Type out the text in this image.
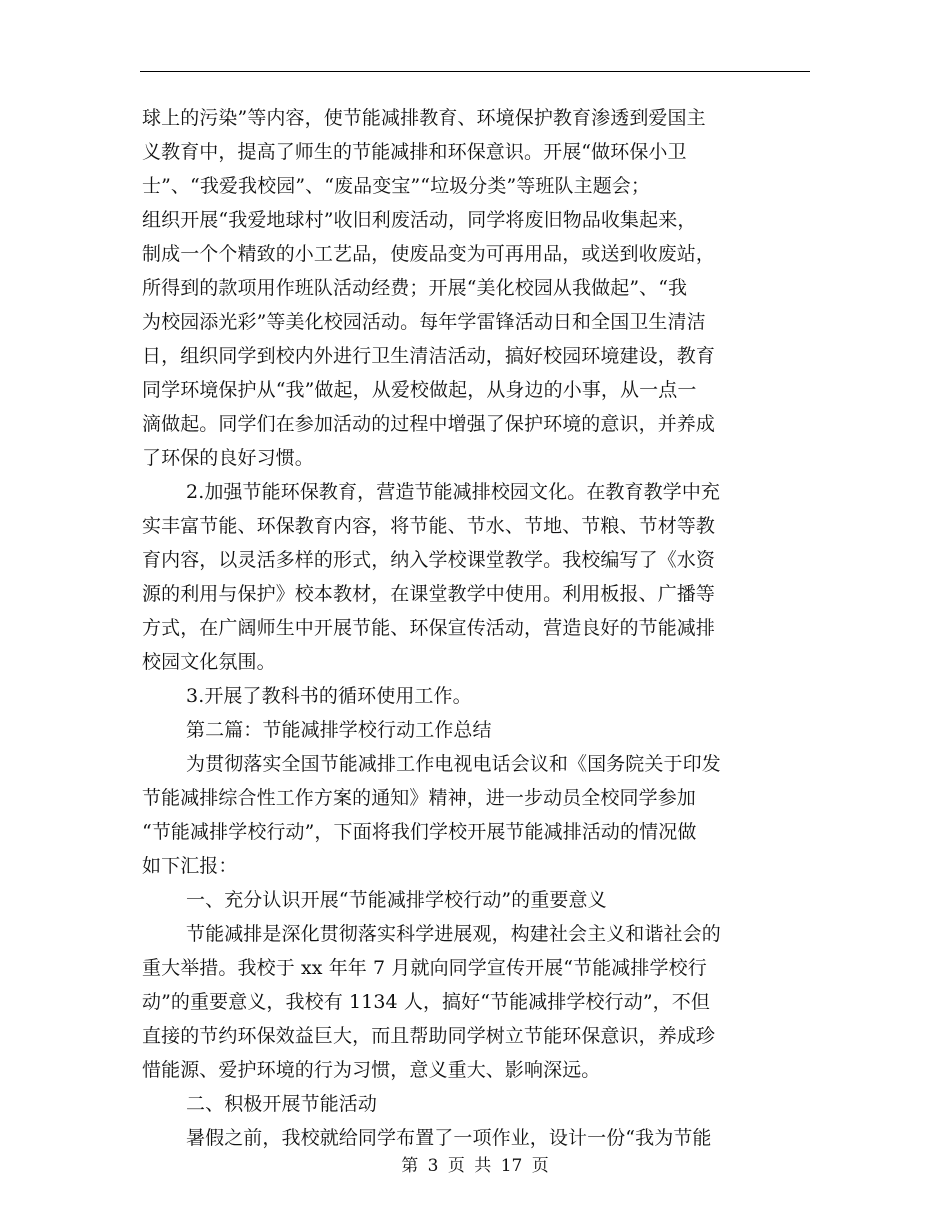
球上的污染”等内容，使节能减排教育、环境保护教育渗透到爱国主
义教育中，提高了师生的节能减排和环保意识。开展“做环保小卫
士”、“我爱我校园”、“废品变宝”“垃圾分类”等班队主题会；
组织开展“我爱地球村”收旧利废活动，同学将废旧物品收集起来，
制成一个个精致的小工艺品，使废品变为可再用品，或送到收废站，
所得到的款项用作班队活动经费；开展“美化校园从我做起”、“我
为校园添光彩”等美化校园活动。每年学雷锋活动日和全国卫生清洁
日，组织同学到校内外进行卫生清洁活动，搞好校园环境建设，教育
同学环境保护从“我”做起，从爱校做起，从身边的小事，从一点一
滴做起。同学们在参加活动的过程中增强了保护环境的意识，并养成
了环保的良好习惯。
2.加强节能环保教育，营造节能减排校园文化。在教育教学中充
实丰富节能、环保教育内容，将节能、节水、节地、节粮、节材等教
育内容，以灵活多样的形式，纳入学校课堂教学。我校编写了《水资
源的利用与保护》校本教材，在课堂教学中使用。利用板报、广播等
方式，在广阔师生中开展节能、环保宣传活动，营造良好的节能减排
校园文化氛围。
3.开展了教科书的循环使用工作。
第二篇：节能减排学校行动工作总结
为贯彻落实全国节能减排工作电视电话会议和《国务院关于印发
节能减排综合性工作方案的通知》精神，进一步动员全校同学参加
“节能减排学校行动”，下面将我们学校开展节能减排活动的情况做
如下汇报：
一、充分认识开展“节能减排学校行动”的重要意义
节能减排是深化贯彻落实科学进展观，构建社会主义和谐社会的
重大举措。我校于 xx 年年 7 月就向同学宣传开展“节能减排学校行
动”的重要意义，我校有 1134 人，搞好“节能减排学校行动”，不但
直接的节约环保效益巨大，而且帮助同学树立节能环保意识，养成珍
惜能源、爱护环境的行为习惯，意义重大、影响深远。
二、积极开展节能活动
暑假之前，我校就给同学布置了一项作业，设计一份“我为节能
第 3 页 共 17 页
